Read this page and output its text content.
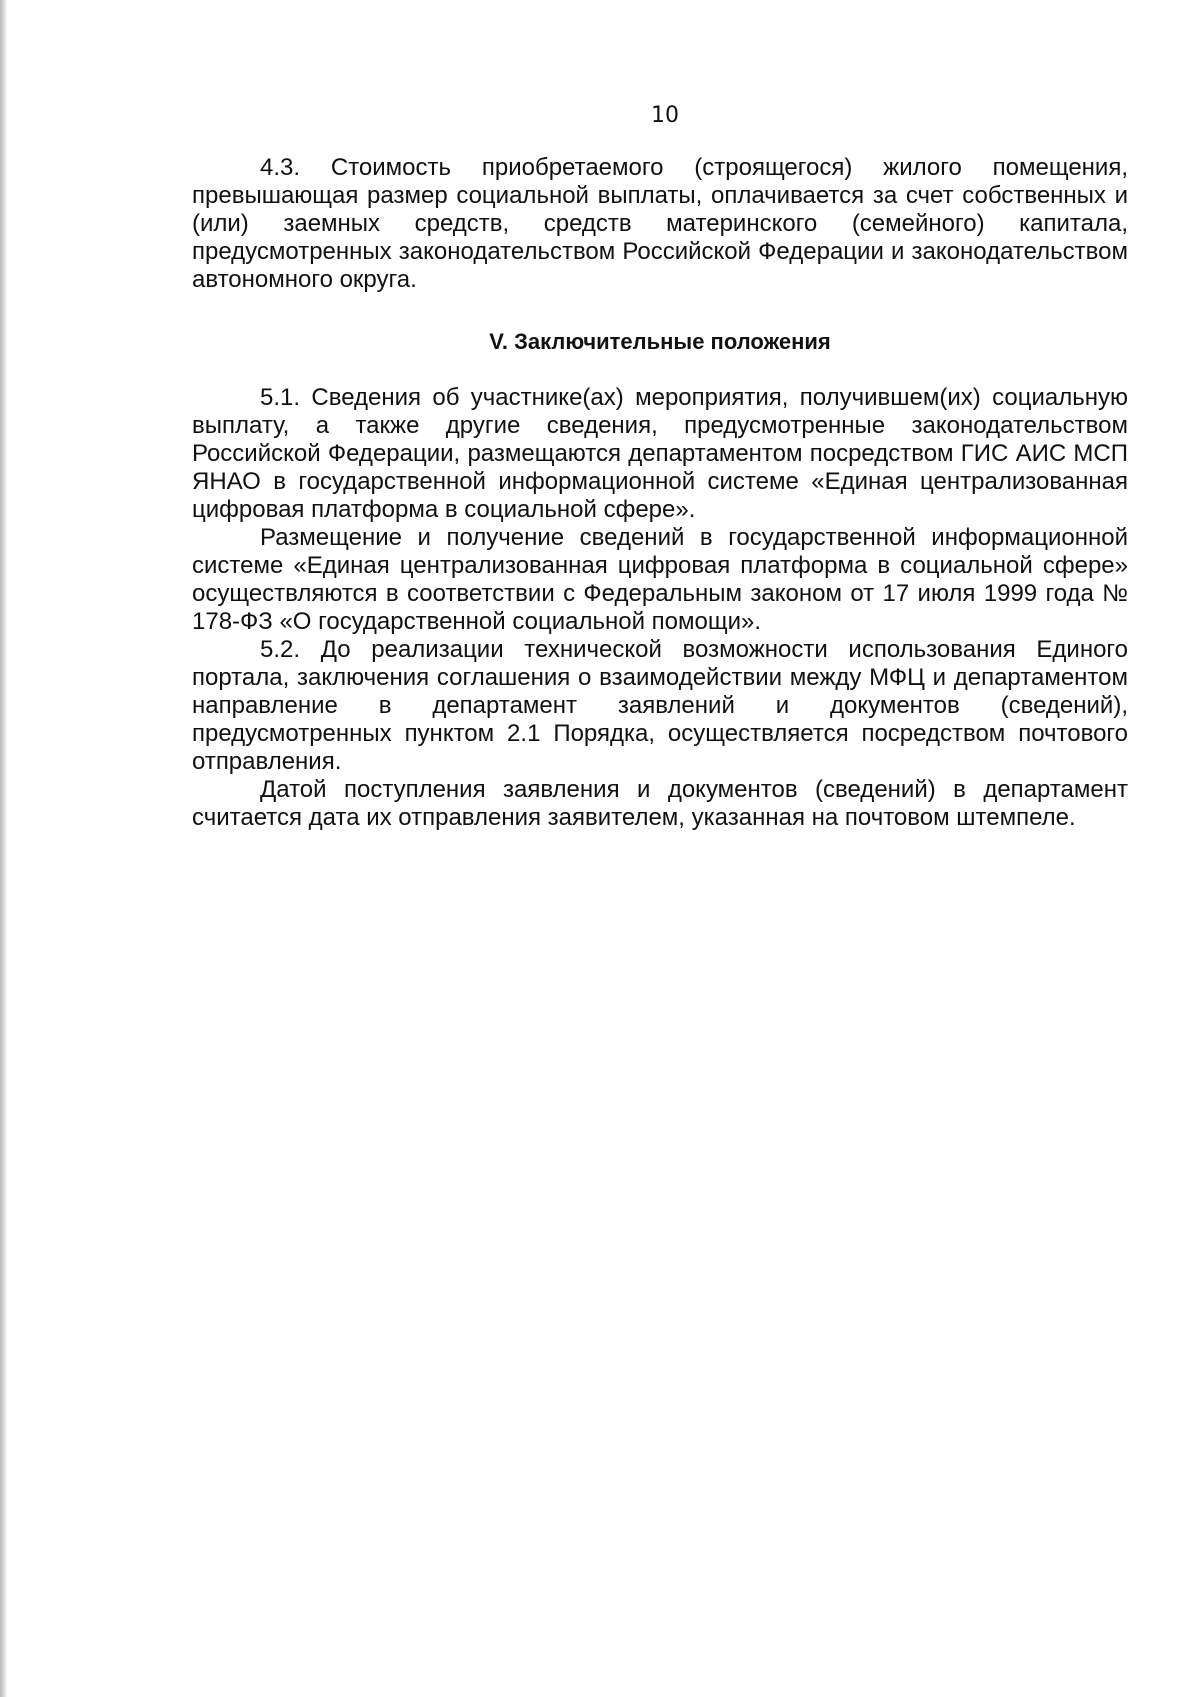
10

4.3. Стоимость приобретаемого (строящегося) жилого помещения, превышающая размер социальной выплаты, оплачивается за счет собственных и (или) заемных средств, средств материнского (семейного) капитала, предусмотренных законодательством Российской Федерации и законодательством автономного округа.

V. Заключительные положения

5.1. Сведения об участнике(ах) мероприятия, получившем(их) социальную выплату, а также другие сведения, предусмотренные законодательством Российской Федерации, размещаются департаментом посредством ГИС АИС МСП ЯНАО в государственной информационной системе «Единая централизованная цифровая платформа в социальной сфере».

Размещение и получение сведений в государственной информационной системе «Единая централизованная цифровая платформа в социальной сфере» осуществляются в соответствии с Федеральным законом от 17 июля 1999 года № 178-ФЗ «О государственной социальной помощи».

5.2. До реализации технической возможности использования Единого портала, заключения соглашения о взаимодействии между МФЦ и департаментом направление в департамент заявлений и документов (сведений), предусмотренных пунктом 2.1 Порядка, осуществляется посредством почтового отправления.

Датой поступления заявления и документов (сведений) в департамент считается дата их отправления заявителем, указанная на почтовом штемпеле.
